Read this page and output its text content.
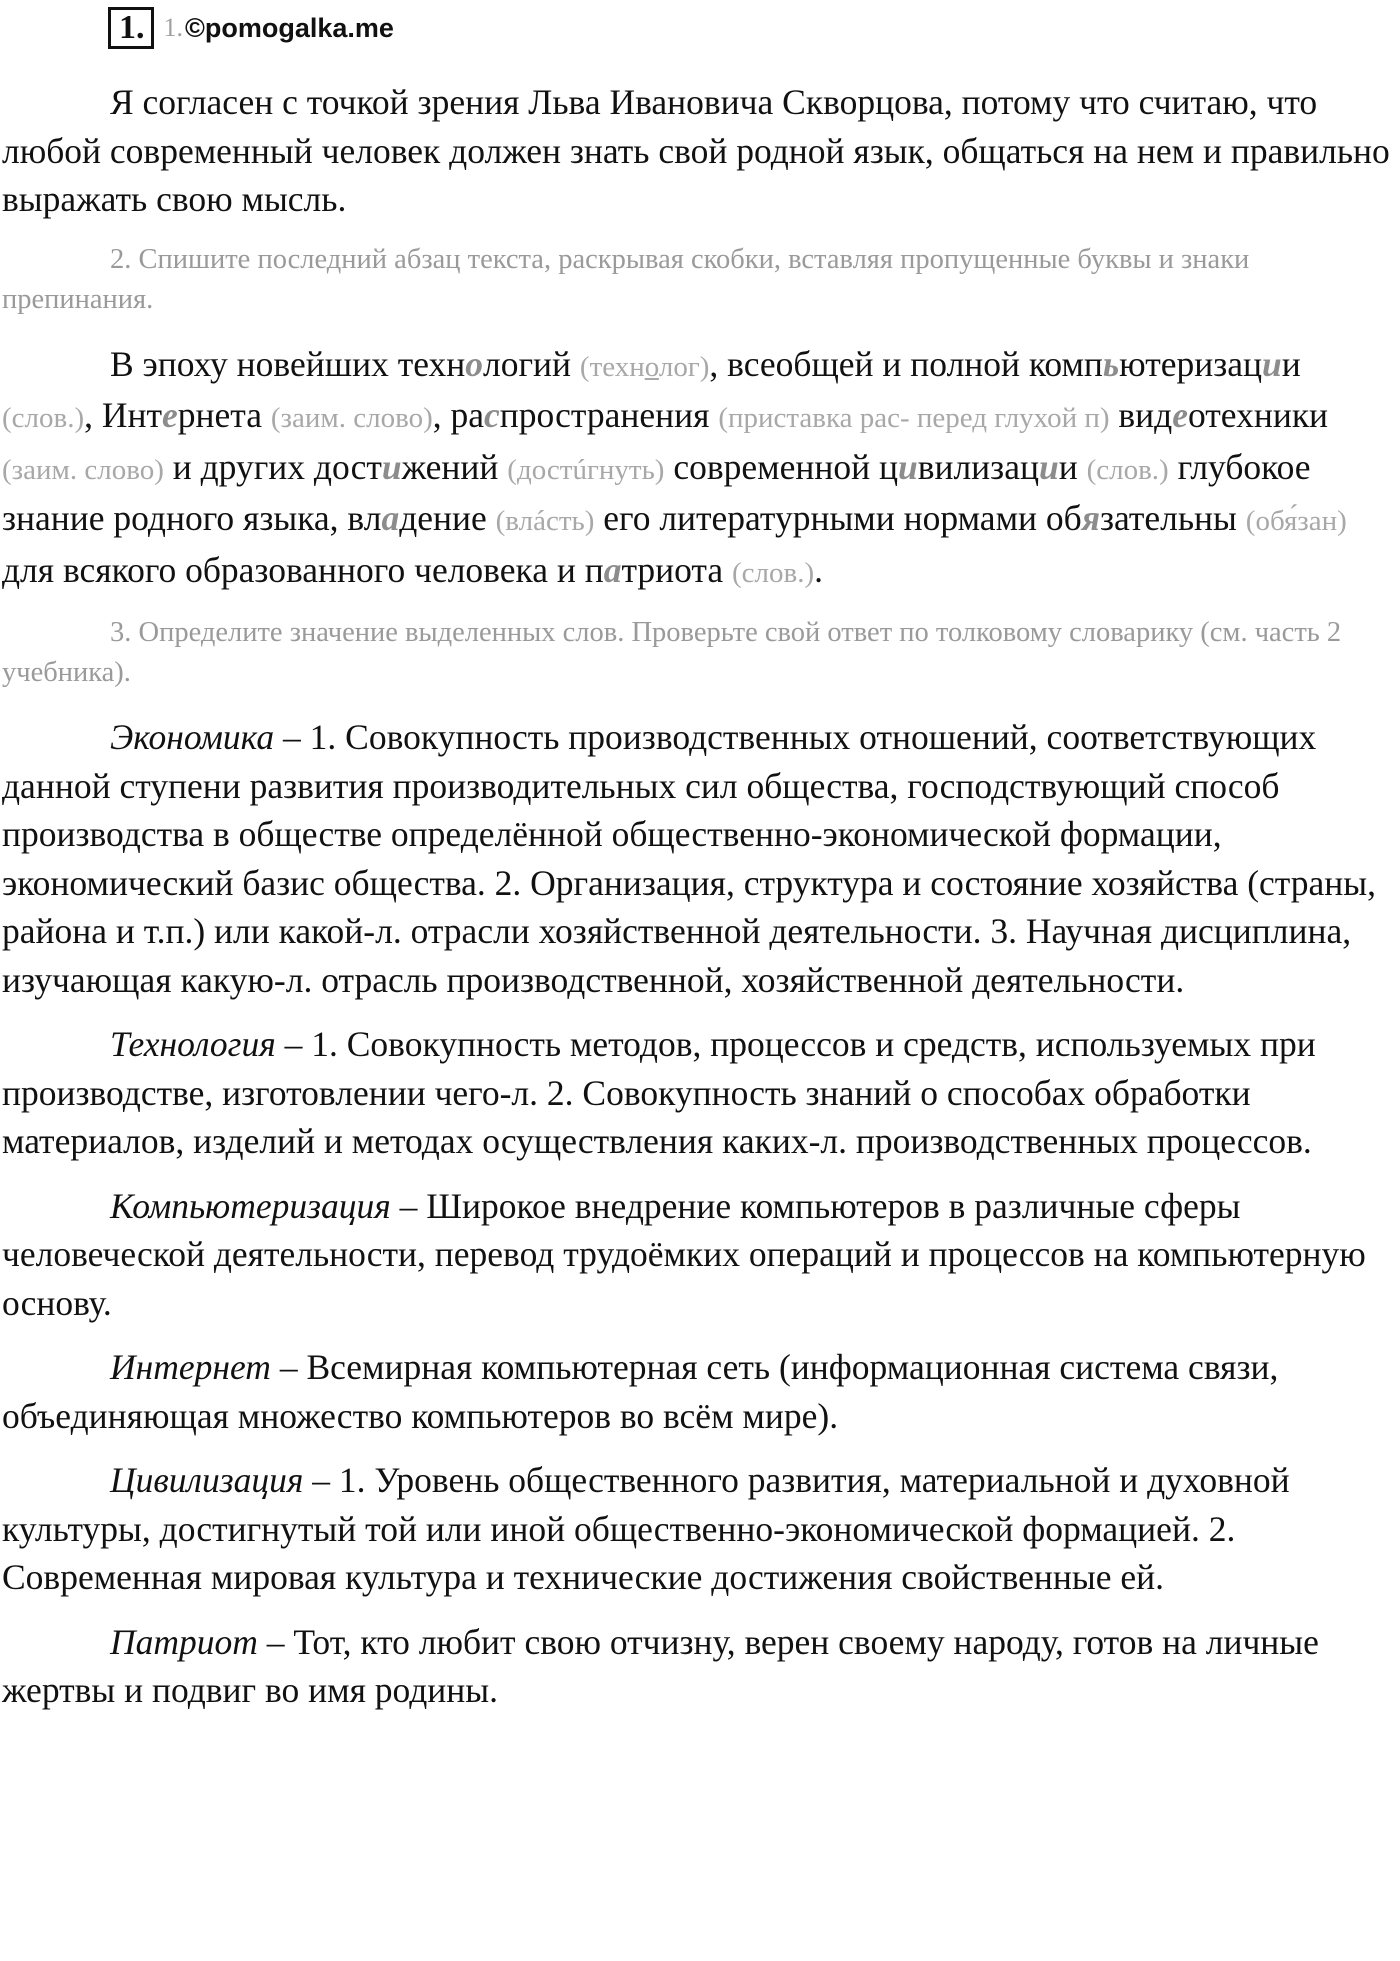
1. 1. ©pomogalka.me

Я согласен с точкой зрения Льва Ивановича Скворцова, потому что считаю, что любой современный человек должен знать свой родной язык, общаться на нем и правильно выражать свою мысль.

2. Спишите последний абзац текста, раскрывая скобки, вставляя пропущенные буквы и знаки препинания.

В эпоху новейших технологий (технолог), всеобщей и полной компьютеризации (слов.), Интернета (заим. слово), распространения (приставка рас- перед глухой п) видеотехники (заим. слово) и других достижений (достúгнуть) современной цивилизации (слов.) глубокое знание родного языка, владение (влáсть) его литературными нормами обязательны (обя́зан) для всякого образованного человека и патриота (слов.).

3. Определите значение выделенных слов. Проверьте свой ответ по толковому словарику (см. часть 2 учебника).

Экономика – 1. Совокупность производственных отношений, соответствующих данной ступени развития производительных сил общества, господствующий способ производства в обществе определённой общественно-экономической формации, экономический базис общества. 2. Организация, структура и состояние хозяйства (страны, района и т.п.) или какой-л. отрасли хозяйственной деятельности. 3. Научная дисциплина, изучающая какую-л. отрасль производственной, хозяйственной деятельности.

Технология – 1. Совокупность методов, процессов и средств, используемых при производстве, изготовлении чего-л. 2. Совокупность знаний о способах обработки материалов, изделий и методах осуществления каких-л. производственных процессов.

Компьютеризация – Широкое внедрение компьютеров в различные сферы человеческой деятельности, перевод трудоёмких операций и процессов на компьютерную основу.

Интернет – Всемирная компьютерная сеть (информационная система связи, объединяющая множество компьютеров во всём мире).

Цивилизация – 1. Уровень общественного развития, материальной и духовной культуры, достигнутый той или иной общественно-экономической формацией. 2. Современная мировая культура и технические достижения свойственные ей.

Патриот – Тот, кто любит свою отчизну, верен своему народу, готов на личные жертвы и подвиг во имя родины.
